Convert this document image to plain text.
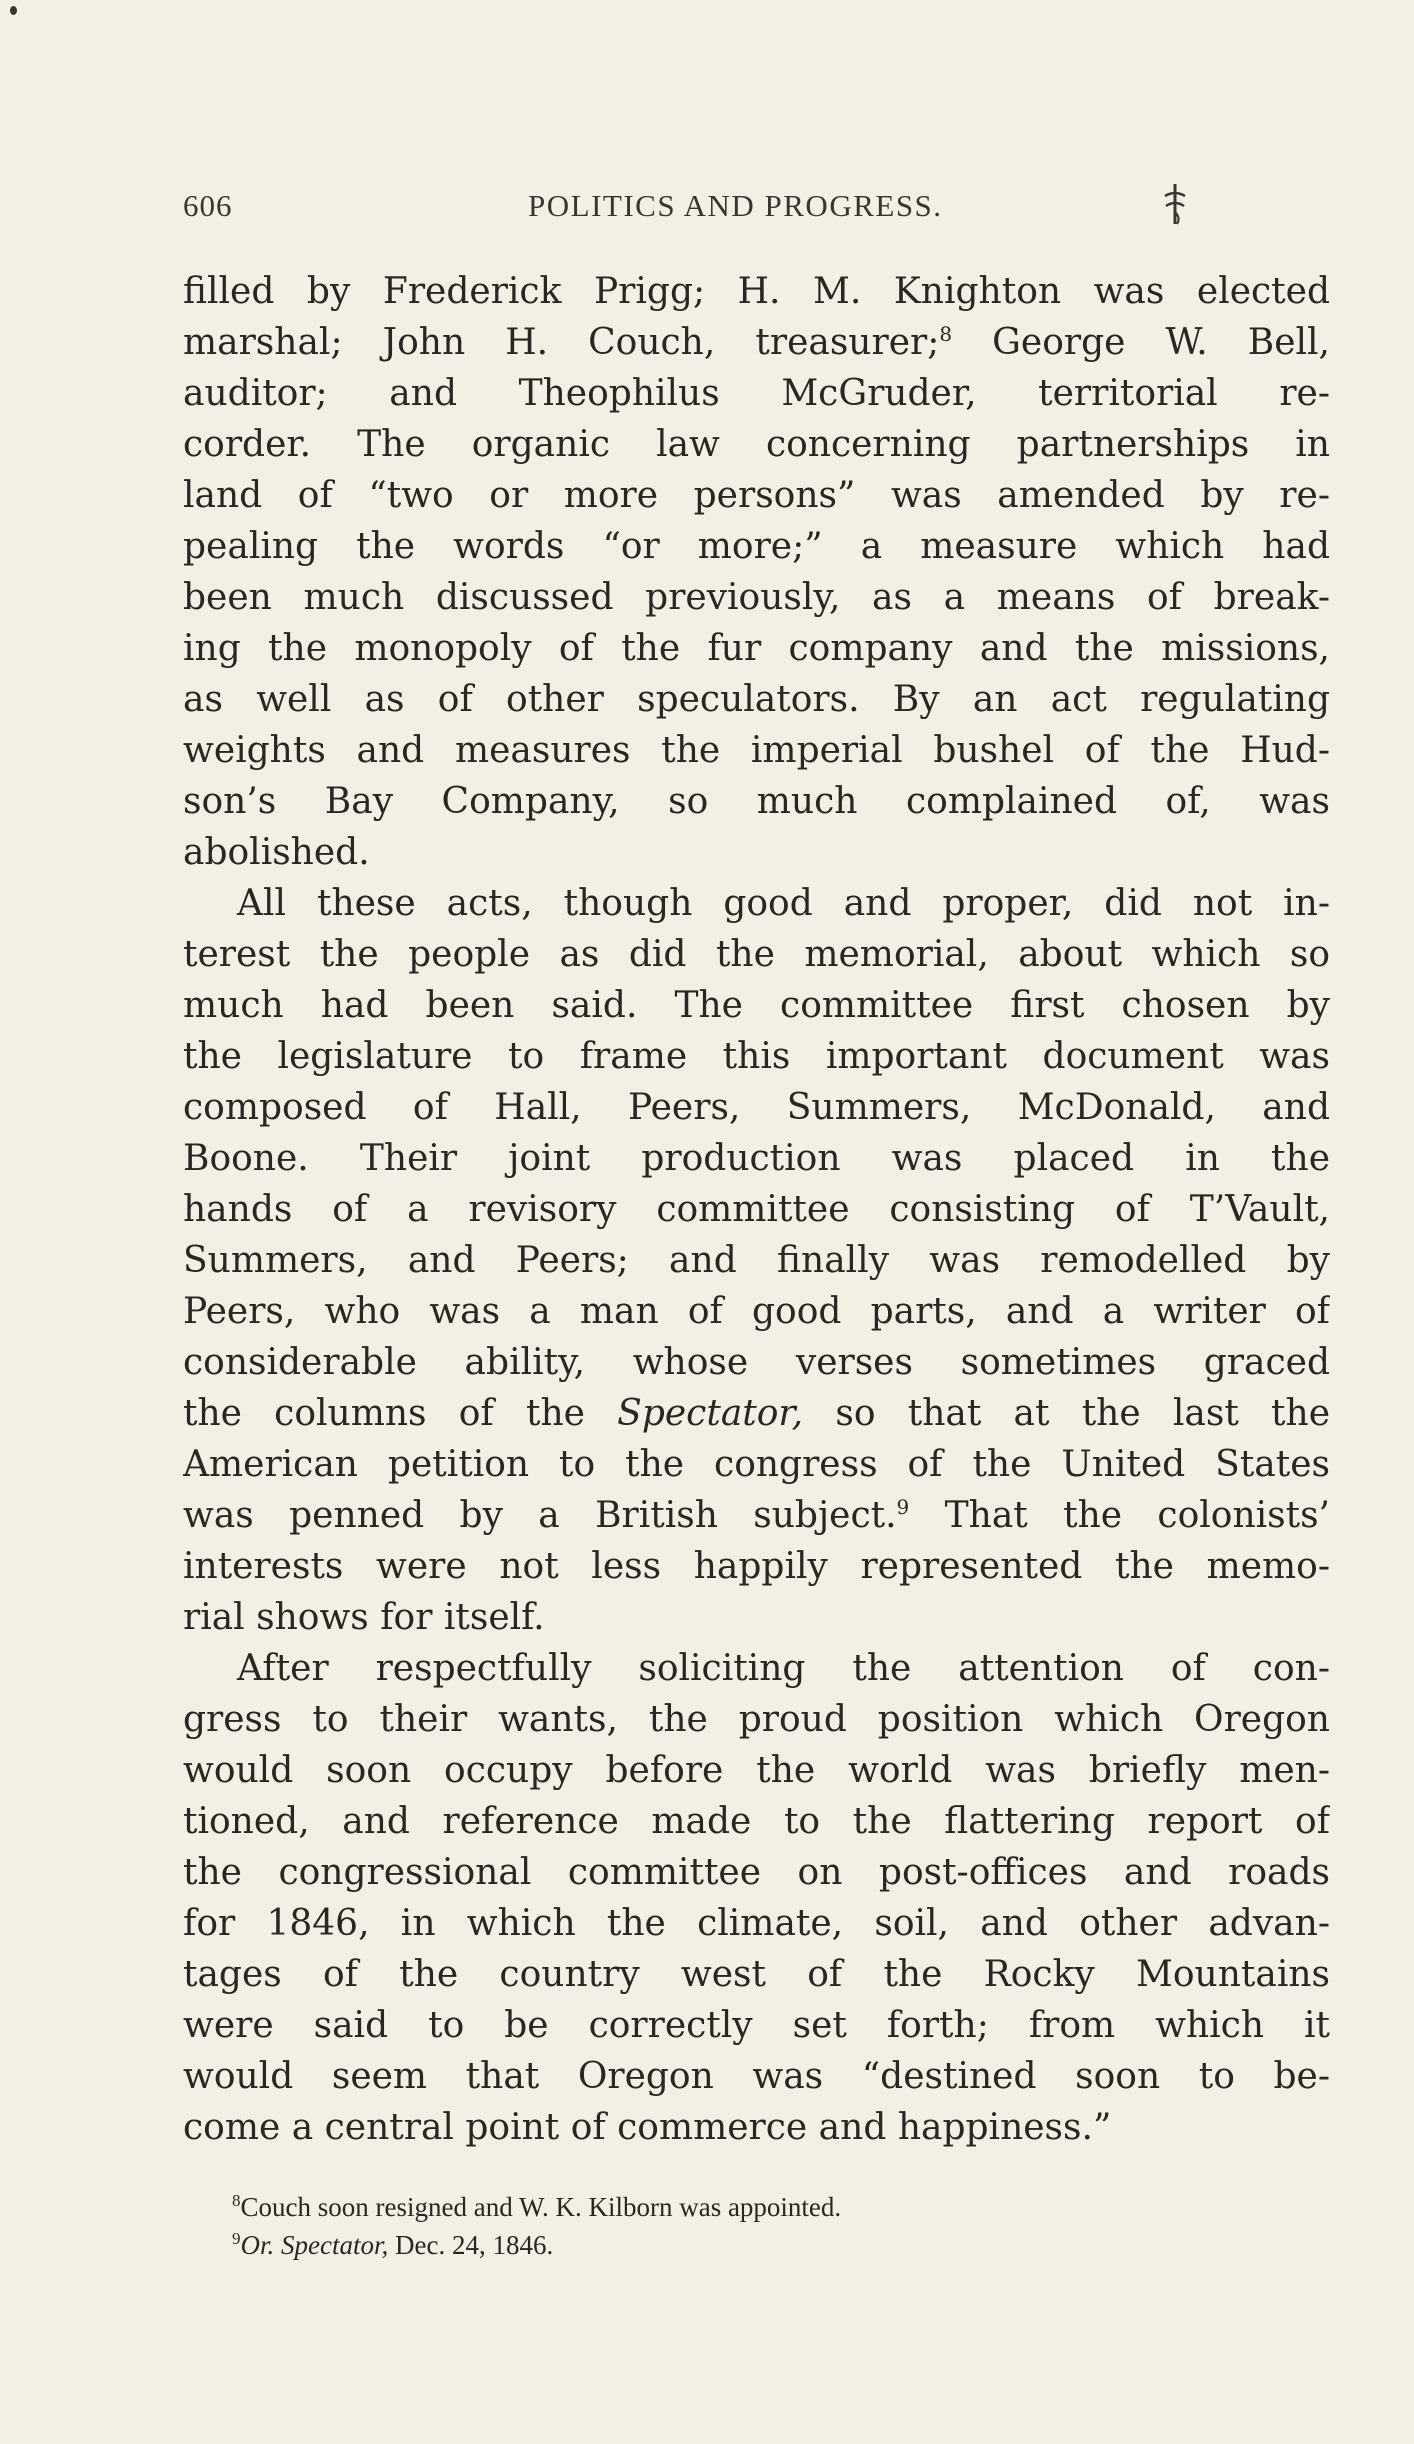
606	POLITICS AND PROGRESS.
filled by Frederick Prigg; H. M. Knighton was elected
marshal; John H. Couch, treasurer;$^8$ George W. Bell,
auditor; and Theophilus McGruder, territorial re-
corder. The organic law concerning partnerships in
land of “two or more persons” was amended by re-
pealing the words “or more;” a measure which had
been much discussed previously, as a means of break-
ing the monopoly of the fur company and the missions,
as well as of other speculators. By an act regulating
weights and measures the imperial bushel of the Hud-
son’s Bay Company, so much complained of, was
abolished.
All these acts, though good and proper, did not in-
terest the people as did the memorial, about which so
much had been said. The committee first chosen by
the legislature to frame this important document was
composed of Hall, Peers, Summers, McDonald, and
Boone. Their joint production was placed in the
hands of a revisory committee consisting of T’Vault,
Summers, and Peers; and finally was remodelled by
Peers, who was a man of good parts, and a writer of
considerable ability, whose verses sometimes graced
the columns of the Spectator, so that at the last the
American petition to the congress of the United States
was penned by a British subject.$^9$ That the colonists’
interests were not less happily represented the memo-
rial shows for itself.
After respectfully soliciting the attention of con-
gress to their wants, the proud position which Oregon
would soon occupy before the world was briefly men-
tioned, and reference made to the flattering report of
the congressional committee on post-offices and roads
for 1846, in which the climate, soil, and other advan-
tages of the country west of the Rocky Mountains
were said to be correctly set forth; from which it
would seem that Oregon was “destined soon to be-
come a central point of commerce and happiness.”
$^8$Couch soon resigned and W. K. Kilborn was appointed.
$^9$Or. Spectator, Dec. 24, 1846.
